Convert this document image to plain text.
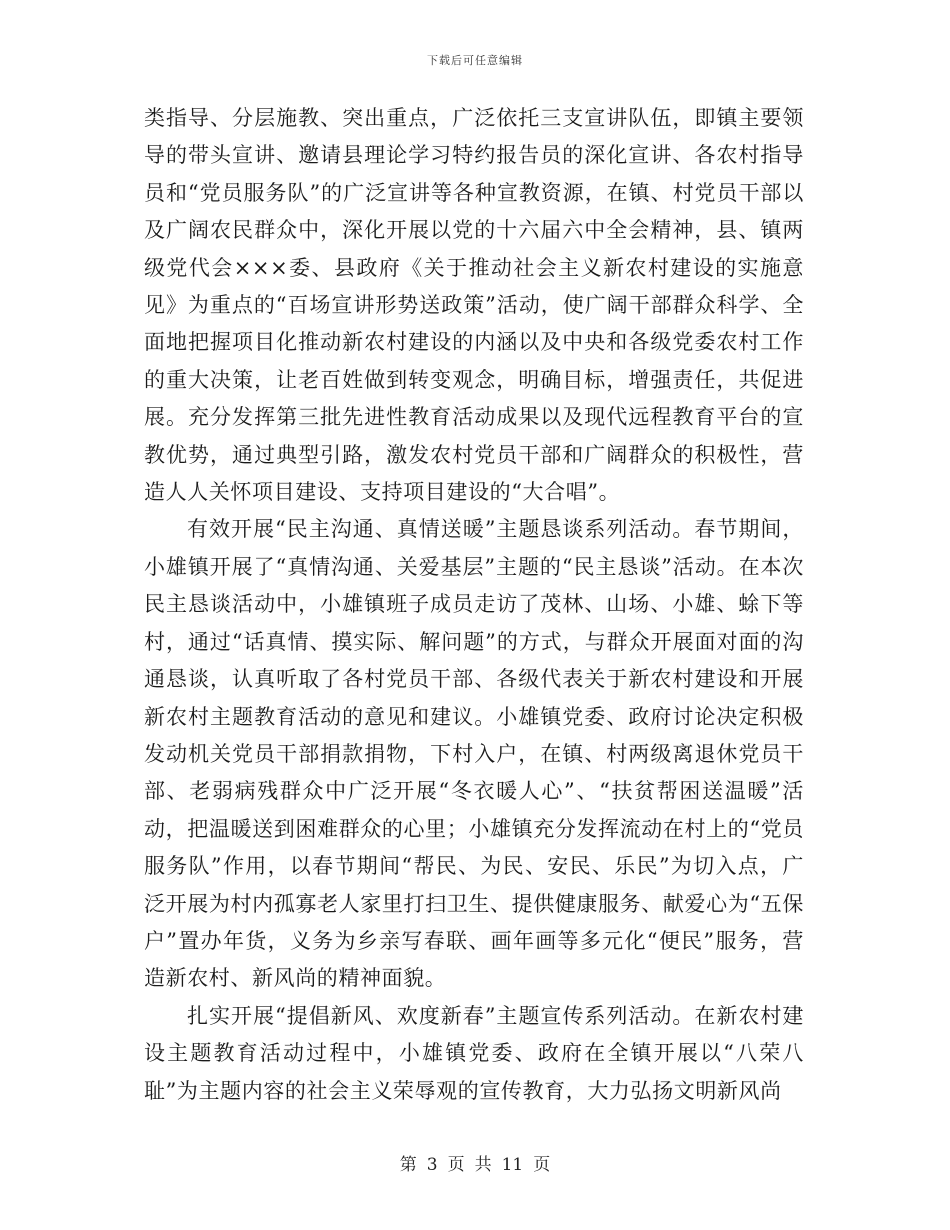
下载后可任意编辑

类指导、分层施教、突出重点，广泛依托三支宣讲队伍，即镇主要领导的带头宣讲、邀请县理论学习特约报告员的深化宣讲、各农村指导员和“党员服务队”的广泛宣讲等各种宣教资源，在镇、村党员干部以及广阔农民群众中，深化开展以党的十六届六中全会精神，县、镇两级党代会×××委、县政府《关于推动社会主义新农村建设的实施意见》为重点的“百场宣讲形势送政策”活动，使广阔干部群众科学、全面地把握项目化推动新农村建设的内涵以及中央和各级党委农村工作的重大决策，让老百姓做到转变观念，明确目标，增强责任，共促进展。充分发挥第三批先进性教育活动成果以及现代远程教育平台的宣教优势，通过典型引路，激发农村党员干部和广阔群众的积极性，营造人人关怀项目建设、支持项目建设的“大合唱”。

有效开展“民主沟通、真情送暖”主题恳谈系列活动。春节期间，小雄镇开展了“真情沟通、关爱基层”主题的“民主恳谈”活动。在本次民主恳谈活动中，小雄镇班子成员走访了茂林、山场、小雄、蜍下等村，通过“话真情、摸实际、解问题”的方式，与群众开展面对面的沟通恳谈，认真听取了各村党员干部、各级代表关于新农村建设和开展新农村主题教育活动的意见和建议。小雄镇党委、政府讨论决定积极发动机关党员干部捐款捐物，下村入户，在镇、村两级离退休党员干部、老弱病残群众中广泛开展“冬衣暖人心”、“扶贫帮困送温暖”活动，把温暖送到困难群众的心里；小雄镇充分发挥流动在村上的“党员服务队”作用，以春节期间“帮民、为民、安民、乐民”为切入点，广泛开展为村内孤寡老人家里打扫卫生、提供健康服务、献爱心为“五保户”置办年货，义务为乡亲写春联、画年画等多元化“便民”服务，营造新农村、新风尚的精神面貌。

扎实开展“提倡新风、欢度新春”主题宣传系列活动。在新农村建设主题教育活动过程中，小雄镇党委、政府在全镇开展以“八荣八耻”为主题内容的社会主义荣辱观的宣传教育，大力弘扬文明新风尚

第 3 页 共 11 页
